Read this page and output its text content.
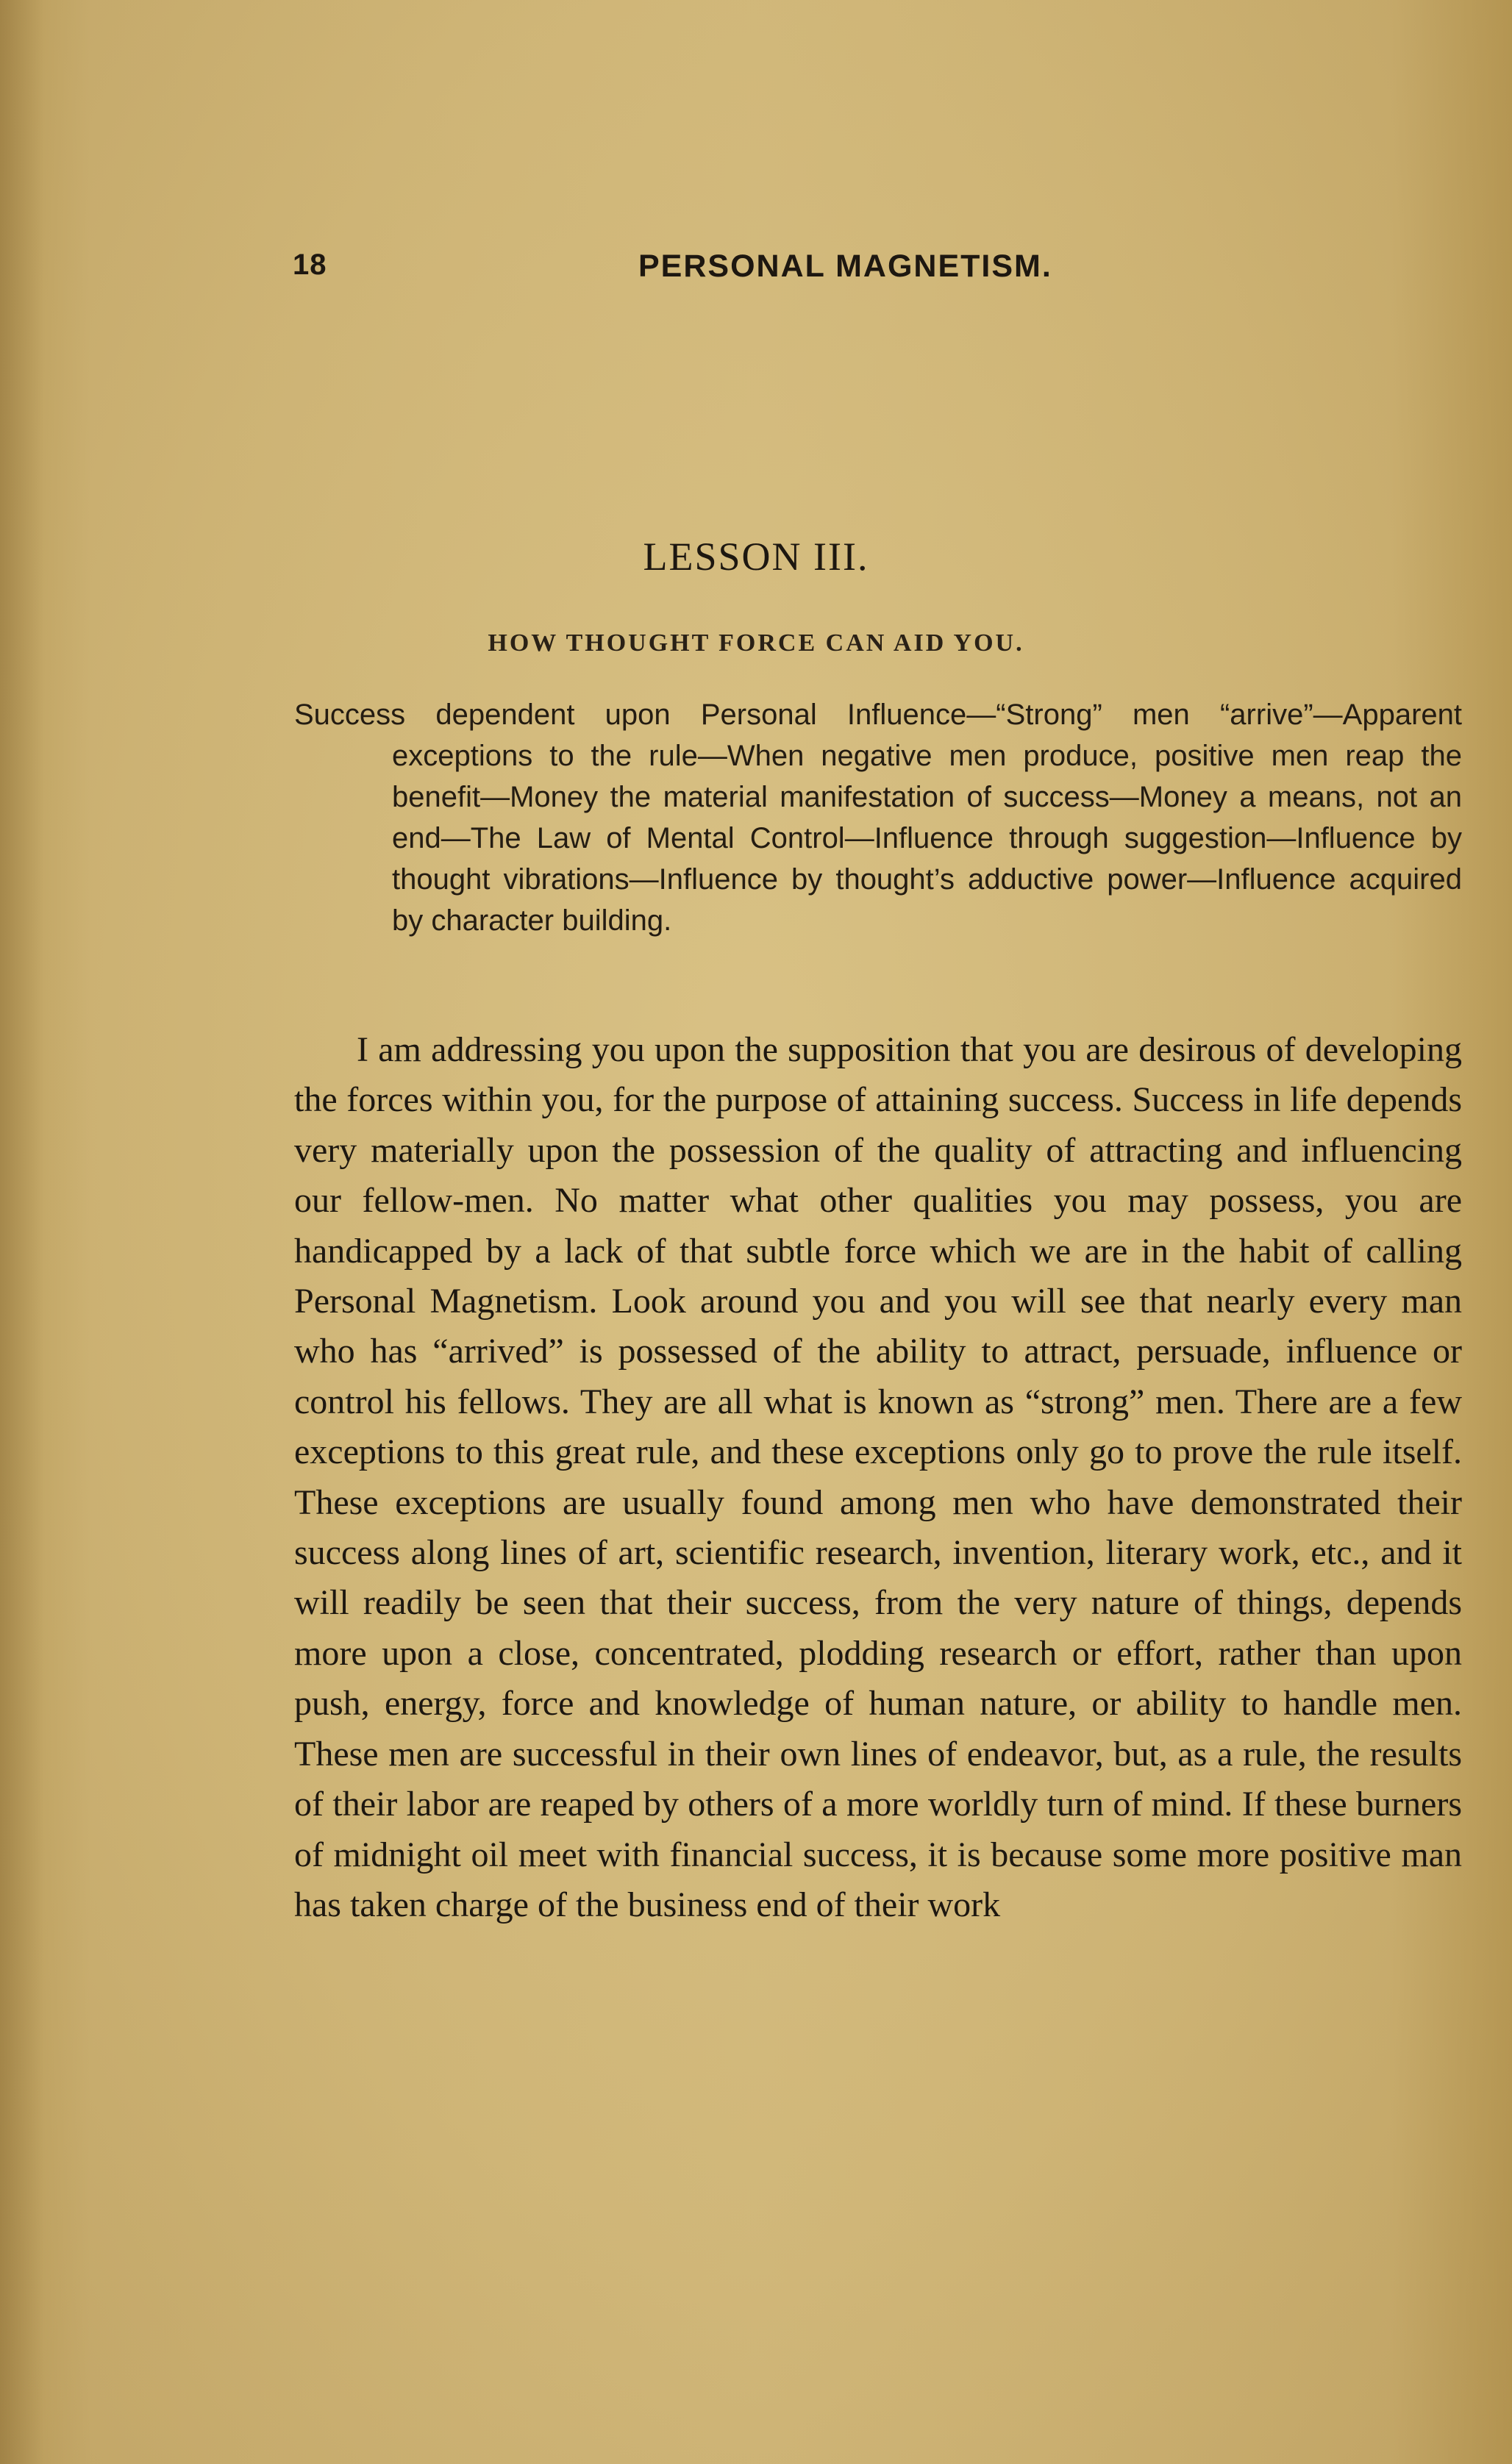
18	PERSONAL MAGNETISM.
LESSON III.
HOW THOUGHT FORCE CAN AID YOU.
Success dependent upon Personal Influence—“Strong” men “arrive”—Apparent exceptions to the rule—When negative men produce, positive men reap the benefit—Money the material manifestation of success—Money a means, not an end—The Law of Mental Control—Influence through suggestion—Influence by thought vibrations—Influence by thought’s adductive power—Influence acquired by character building.
I am addressing you upon the supposition that you are desirous of developing the forces within you, for the purpose of attaining success. Success in life depends very materially upon the possession of the quality of attracting and influencing our fellow-men. No matter what other qualities you may possess, you are handicapped by a lack of that subtle force which we are in the habit of calling Personal Magnetism. Look around you and you will see that nearly every man who has “arrived” is possessed of the ability to attract, persuade, influence or control his fellows. They are all what is known as “strong” men. There are a few exceptions to this great rule, and these exceptions only go to prove the rule itself. These exceptions are usually found among men who have demonstrated their success along lines of art, scientific research, invention, literary work, etc., and it will readily be seen that their success, from the very nature of things, depends more upon a close, concentrated, plodding research or effort, rather than upon push, energy, force and knowledge of human nature, or ability to handle men. These men are successful in their own lines of endeavor, but, as a rule, the results of their labor are reaped by others of a more worldly turn of mind. If these burners of midnight oil meet with financial success, it is because some more positive man has taken charge of the business end of their work
